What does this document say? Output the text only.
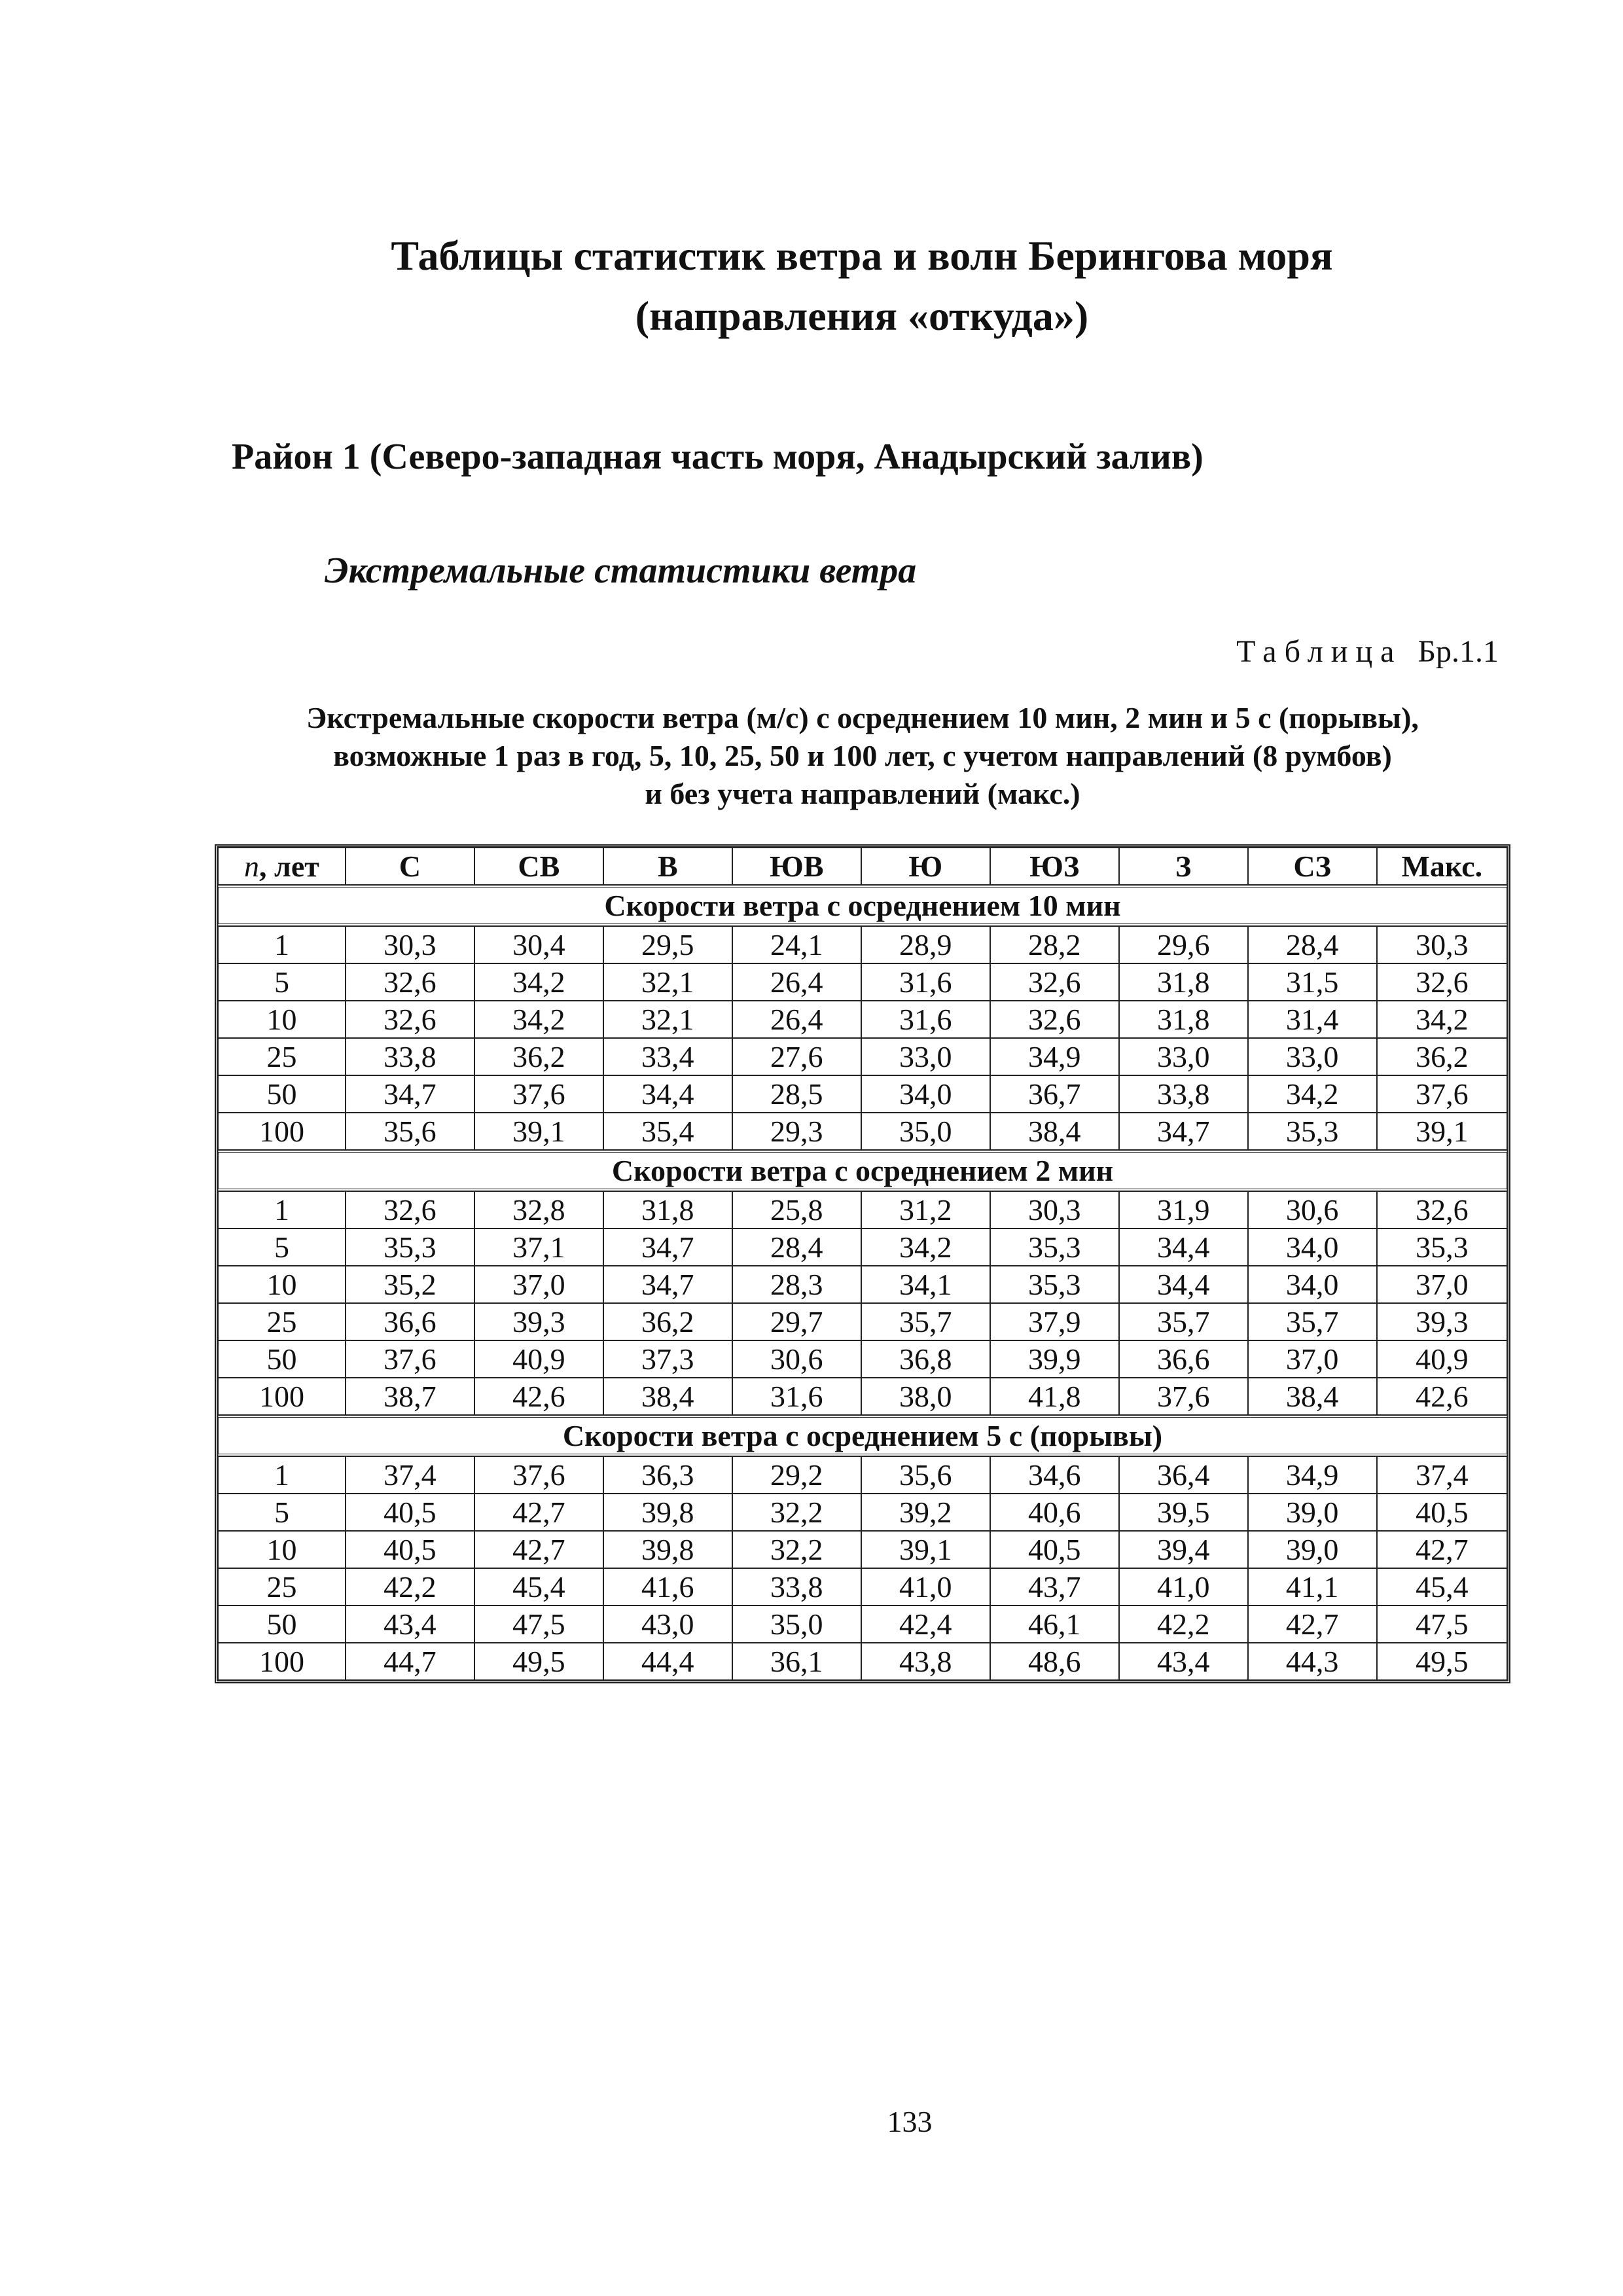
Таблицы статистик ветра и волн Берингова моря
(направления «откуда»)
Район 1 (Северо-западная часть моря, Анадырский залив)
Экстремальные статистики ветра
Таблица Бр.1.1
Экстремальные скорости ветра (м/с) с осреднением 10 мин, 2 мин и 5 с (порывы),
возможные 1 раз в год, 5, 10, 25, 50 и 100 лет, с учетом направлений (8 румбов)
и без учета направлений (макс.)
n, лет	С	СВ	В	ЮВ	Ю	ЮЗ	З	СЗ	Макс.
Скорости ветра с осреднением 10 мин									
1	30,3	30,4	29,5	24,1	28,9	28,2	29,6	28,4	30,3
5	32,6	34,2	32,1	26,4	31,6	32,6	31,8	31,5	32,6
10	32,6	34,2	32,1	26,4	31,6	32,6	31,8	31,4	34,2
25	33,8	36,2	33,4	27,6	33,0	34,9	33,0	33,0	36,2
50	34,7	37,6	34,4	28,5	34,0	36,7	33,8	34,2	37,6
100	35,6	39,1	35,4	29,3	35,0	38,4	34,7	35,3	39,1
Скорости ветра с осреднением 2 мин									
1	32,6	32,8	31,8	25,8	31,2	30,3	31,9	30,6	32,6
5	35,3	37,1	34,7	28,4	34,2	35,3	34,4	34,0	35,3
10	35,2	37,0	34,7	28,3	34,1	35,3	34,4	34,0	37,0
25	36,6	39,3	36,2	29,7	35,7	37,9	35,7	35,7	39,3
50	37,6	40,9	37,3	30,6	36,8	39,9	36,6	37,0	40,9
100	38,7	42,6	38,4	31,6	38,0	41,8	37,6	38,4	42,6
Скорости ветра с осреднением 5 с (порывы)									
1	37,4	37,6	36,3	29,2	35,6	34,6	36,4	34,9	37,4
5	40,5	42,7	39,8	32,2	39,2	40,6	39,5	39,0	40,5
10	40,5	42,7	39,8	32,2	39,1	40,5	39,4	39,0	42,7
25	42,2	45,4	41,6	33,8	41,0	43,7	41,0	41,1	45,4
50	43,4	47,5	43,0	35,0	42,4	46,1	42,2	42,7	47,5
100	44,7	49,5	44,4	36,1	43,8	48,6	43,4	44,3	49,5
133
